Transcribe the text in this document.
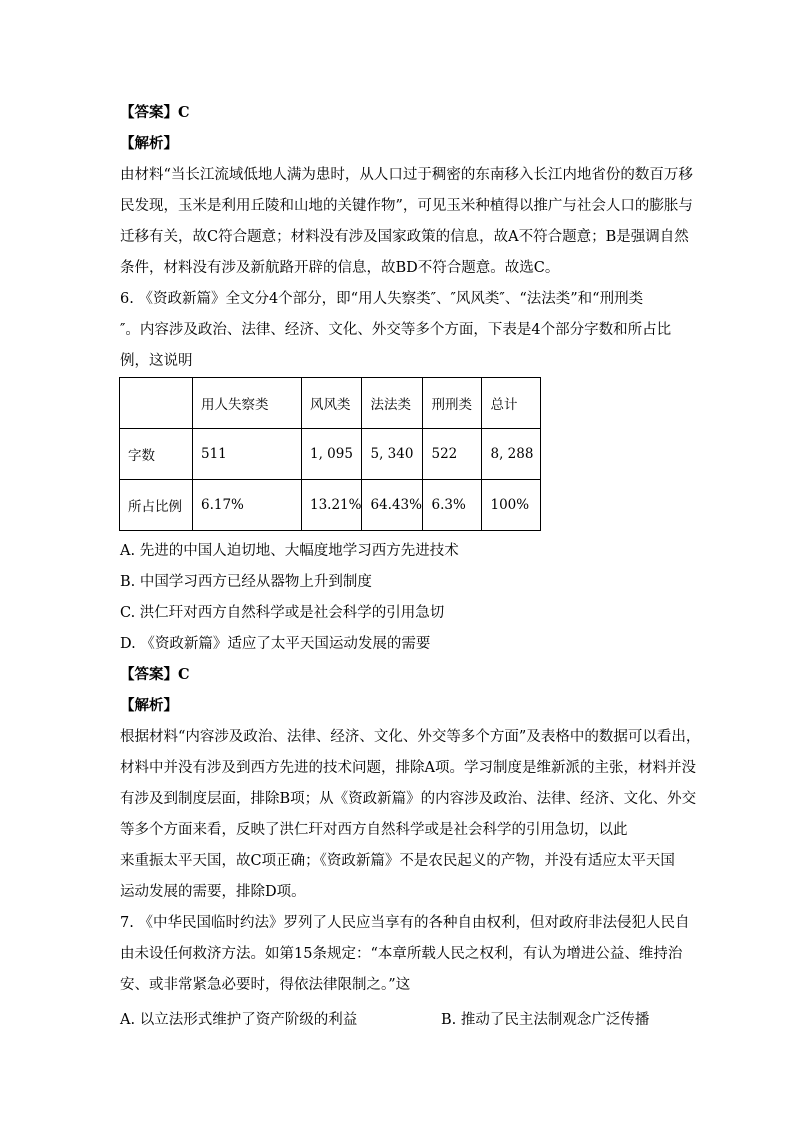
【答案】C
【解析】
由材料“当长江流域低地人满为患时，从人口过于稠密的东南移入长江内地省份的数百万移
民发现，玉米是利用丘陵和山地的关键作物”，可见玉米种植得以推广与社会人口的膨胀与
迁移有关，故C符合题意；材料没有涉及国家政策的信息，故A不符合题意；B是强调自然
条件，材料没有涉及新航路开辟的信息，故BD不符合题意。故选C。
6. 《资政新篇》全文分4个部分，即“用人失察类″、″风风类″、“法法类”和“刑刑类
″。内容涉及政治、法律、经济、文化、外交等多个方面，下表是4个部分字数和所占比
例，这说明
	用人失察类	风风类	法法类	刑刑类	总计
字数	511	1, 095	5, 340	522	8, 288
所占比例	6.17%	13.21%	64.43%	6.3%	100%
A. 先进的中国人迫切地、大幅度地学习西方先进技术
B. 中国学习西方已经从器物上升到制度
C. 洪仁玕对西方自然科学或是社会科学的引用急切
D. 《资政新篇》适应了太平天国运动发展的需要
【答案】C
【解析】
根据材料“内容涉及政治、法律、经济、文化、外交等多个方面”及表格中的数据可以看出，
材料中并没有涉及到西方先进的技术问题，排除A项。学习制度是维新派的主张，材料并没
有涉及到制度层面，排除B项；从《资政新篇》的内容涉及政治、法律、经济、文化、外交
等多个方面来看，反映了洪仁玕对西方自然科学或是社会科学的引用急切，以此
来重振太平天国，故C项正确；《资政新篇》不是农民起义的产物，并没有适应太平天国
运动发展的需要，排除D项。
7. 《中华民国临时约法》罗列了人民应当享有的各种自由权利，但对政府非法侵犯人民自
由未设任何救济方法。如第15条规定：“本章所载人民之权利，有认为增进公益、维持治
安、或非常紧急必要时，得依法律限制之。”这
A. 以立法形式维护了资产阶级的利益	B. 推动了民主法制观念广泛传播
